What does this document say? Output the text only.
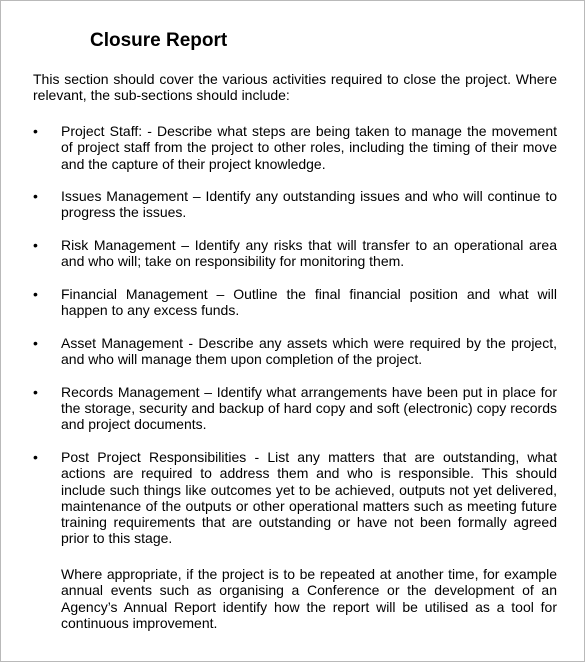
Closure Report

This section should cover the various activities required to close the project. Where relevant, the sub-sections should include:

• Project Staff: - Describe what steps are being taken to manage the movement of project staff from the project to other roles, including the timing of their move and the capture of their project knowledge.
• Issues Management – Identify any outstanding issues and who will continue to progress the issues.
• Risk Management – Identify any risks that will transfer to an operational area and who will; take on responsibility for monitoring them.
• Financial Management – Outline the final financial position and what will happen to any excess funds.
• Asset Management - Describe any assets which were required by the project, and who will manage them upon completion of the project.
• Records Management – Identify what arrangements have been put in place for the storage, security and backup of hard copy and soft (electronic) copy records and project documents.
• Post Project Responsibilities - List any matters that are outstanding, what actions are required to address them and who is responsible. This should include such things like outcomes yet to be achieved, outputs not yet delivered, maintenance of the outputs or other operational matters such as meeting future training requirements that are outstanding or have not been formally agreed prior to this stage.

Where appropriate, if the project is to be repeated at another time, for example annual events such as organising a Conference or the development of an Agency’s Annual Report identify how the report will be utilised as a tool for continuous improvement.
